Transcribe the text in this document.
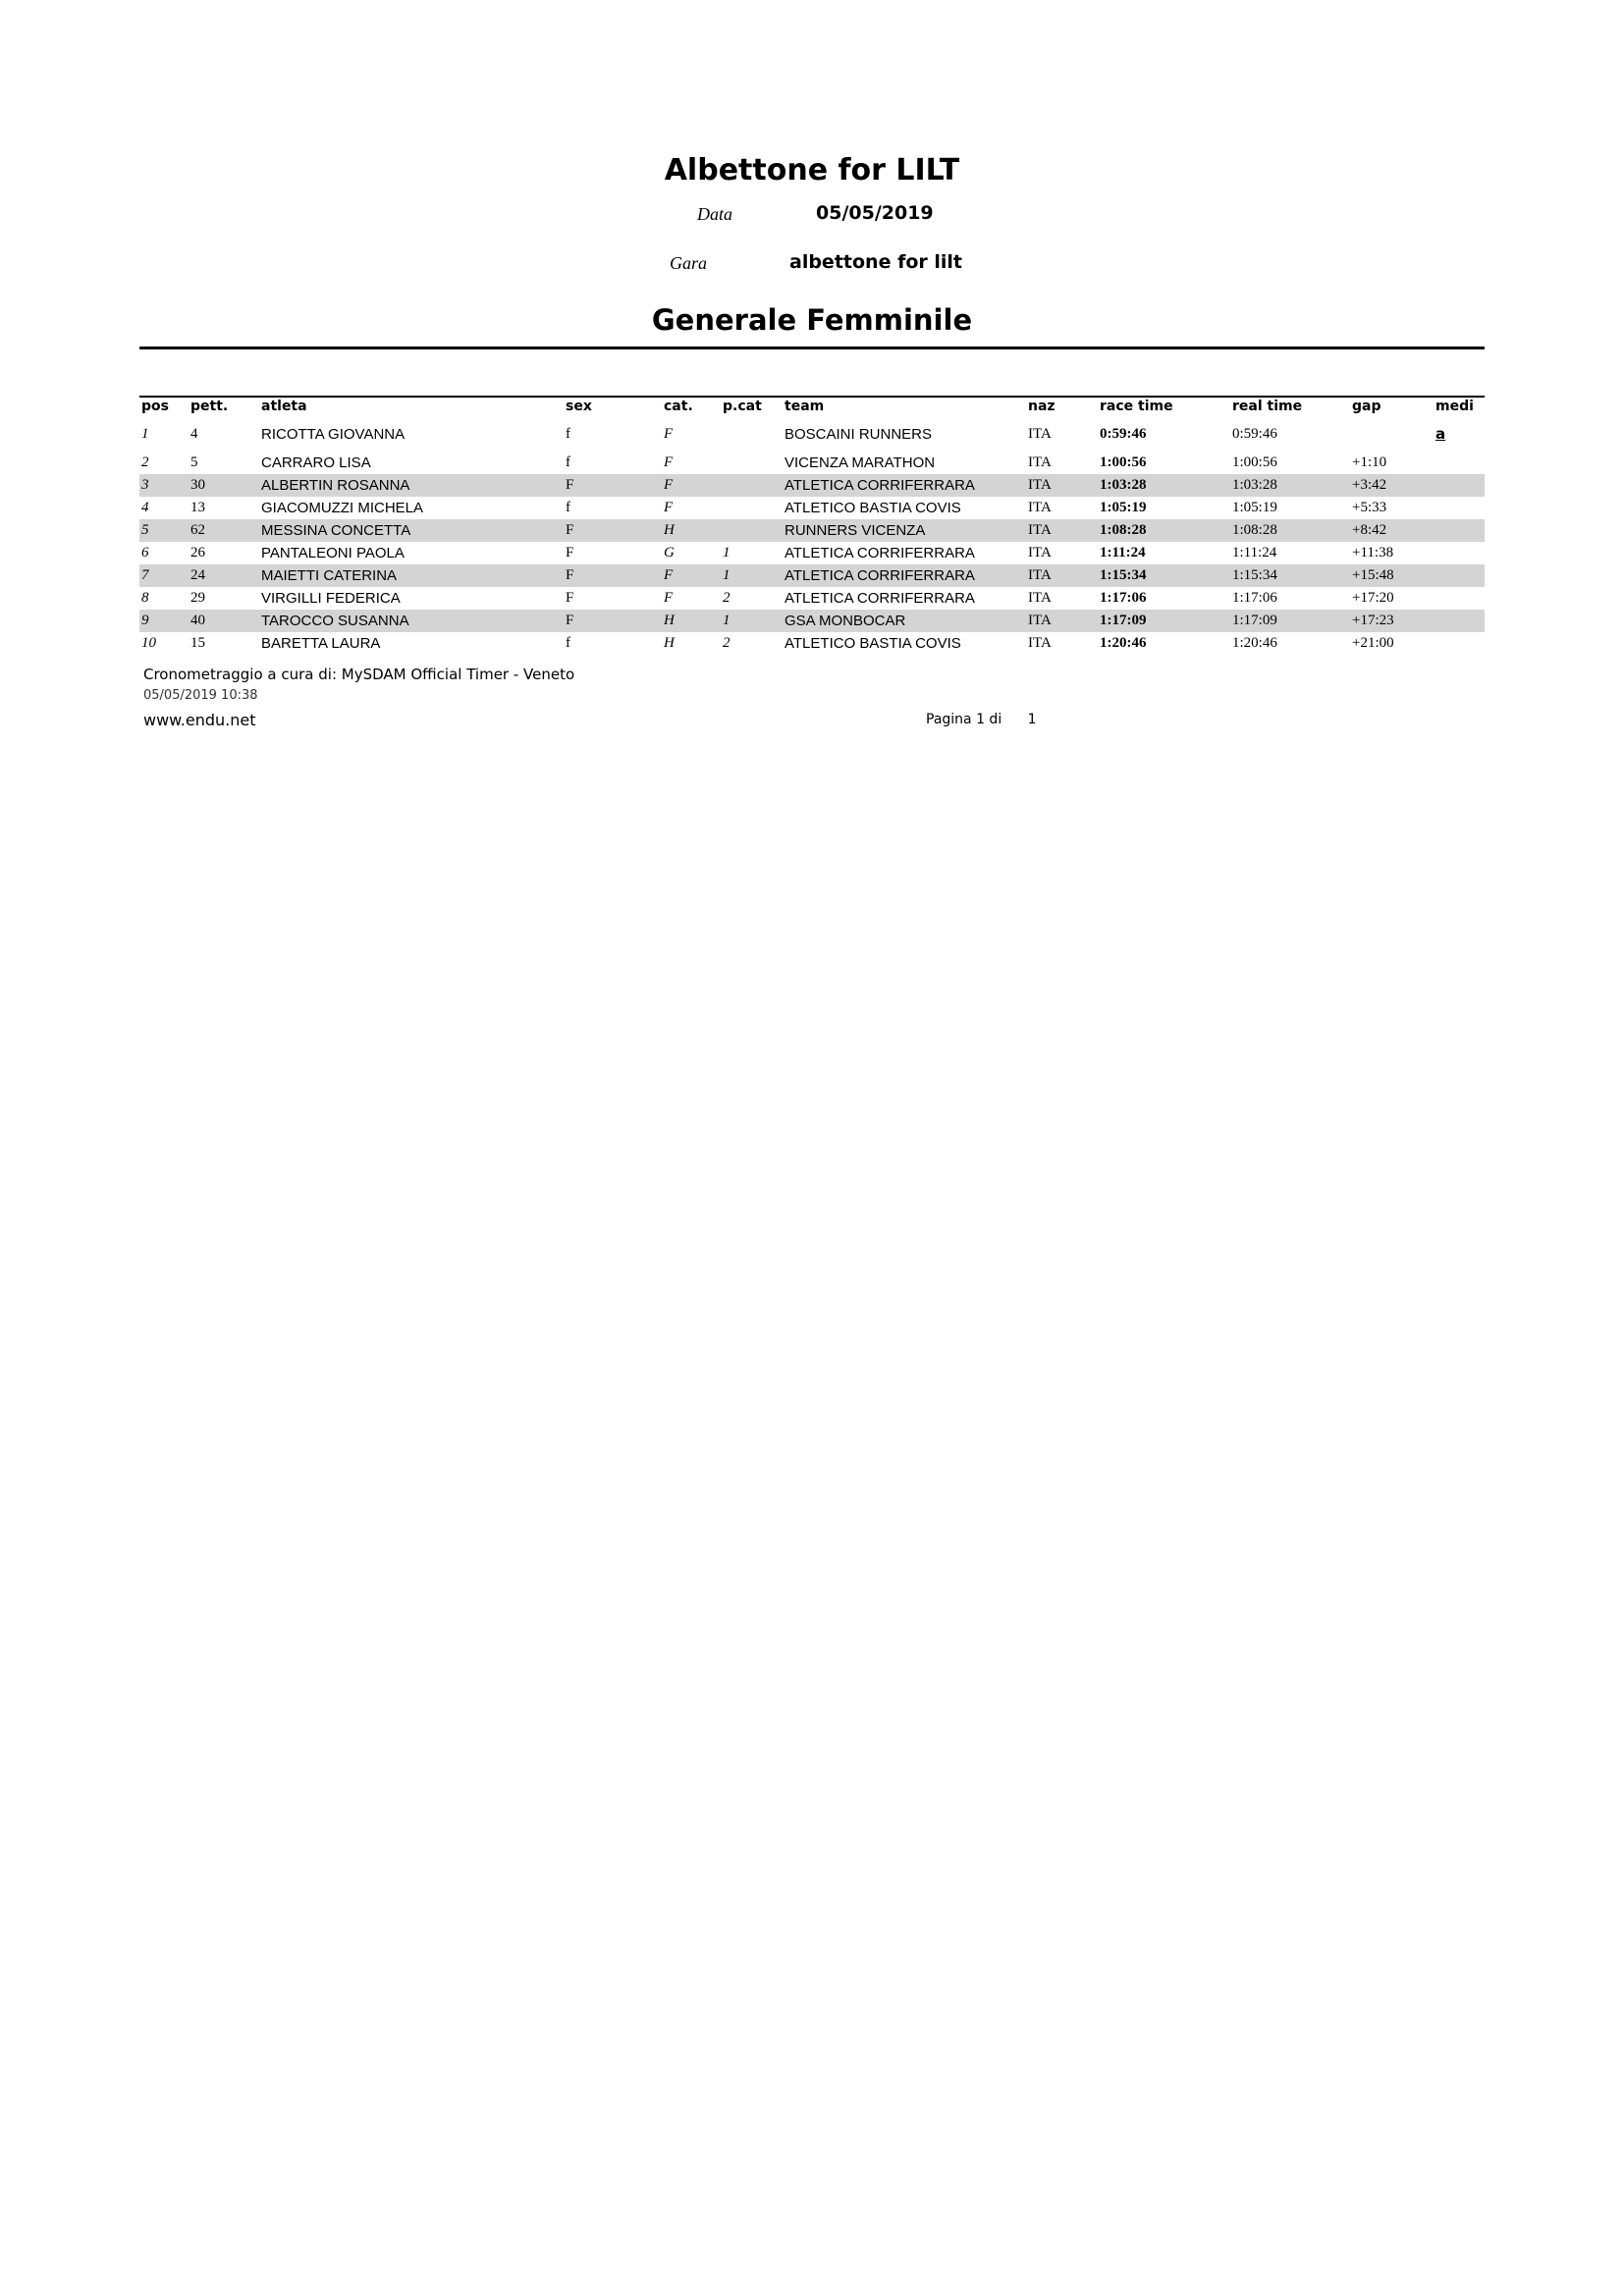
Albettone for LILT
Data	05/05/2019
Gara	albettone for lilt
Generale Femminile
pos	pett.	atleta	sex	cat.	p.cat	team	naz	race time	real time	gap	medi
1	4	RICOTTA GIOVANNA	f	F		BOSCAINI RUNNERS	ITA	0:59:46	0:59:46		a
2	5	CARRARO LISA	f	F		VICENZA MARATHON	ITA	1:00:56	1:00:56	+1:10	
3	30	ALBERTIN ROSANNA	F	F		ATLETICA CORRIFERRARA	ITA	1:03:28	1:03:28	+3:42	
4	13	GIACOMUZZI MICHELA	f	F		ATLETICO BASTIA COVIS	ITA	1:05:19	1:05:19	+5:33	
5	62	MESSINA CONCETTA	F	H		RUNNERS VICENZA	ITA	1:08:28	1:08:28	+8:42	
6	26	PANTALEONI PAOLA	F	G	1	ATLETICA CORRIFERRARA	ITA	1:11:24	1:11:24	+11:38	
7	24	MAIETTI CATERINA	F	F	1	ATLETICA CORRIFERRARA	ITA	1:15:34	1:15:34	+15:48	
8	29	VIRGILLI FEDERICA	F	F	2	ATLETICA CORRIFERRARA	ITA	1:17:06	1:17:06	+17:20	
9	40	TAROCCO SUSANNA	F	H	1	GSA MONBOCAR	ITA	1:17:09	1:17:09	+17:23	
10	15	BARETTA LAURA	f	H	2	ATLETICO BASTIA COVIS	ITA	1:20:46	1:20:46	+21:00	
Cronometraggio a cura di: MySDAM Official Timer - Veneto
05/05/2019 10:38
www.endu.net	Pagina 1 di 1
